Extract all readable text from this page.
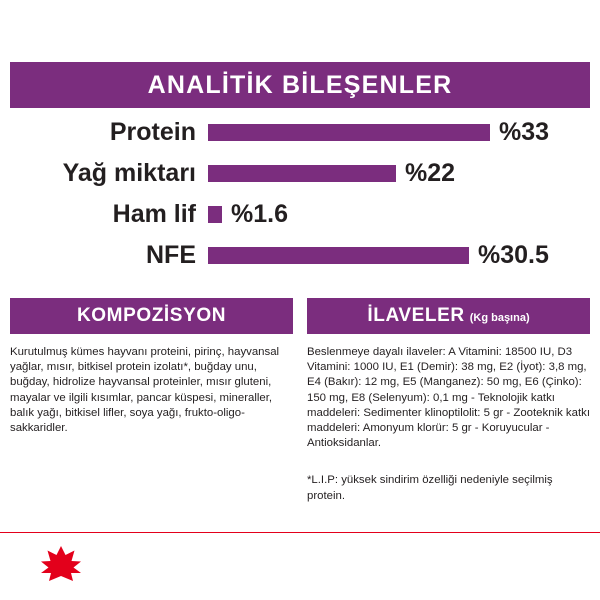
ANALİTİK BİLEŞENLER
Protein	%33
Yağ miktarı	%22
Ham lif	%1.6
NFE	%30.5
KOMPOZİSYON
Kurutulmuş kümes hayvanı proteini, pirinç, hayvansal yağlar, mısır, bitkisel protein izolatı*, buğday unu, buğday, hidrolize hayvansal proteinler, mısır gluteni, mayalar ve ilgili kısımlar, pancar küspesi, mineraller, balık yağı, bitkisel lifler, soya yağı, frukto-oligo-sakkaridler.
İLAVELER (Kg başına)
Beslenmeye dayalı ilaveler: A Vitamini: 18500 IU, D3 Vitamini: 1000 IU, E1 (Demir): 38 mg, E2 (İyot): 3,8 mg, E4 (Bakır): 12 mg, E5 (Manganez): 50 mg, E6 (Çinko): 150 mg, E8 (Selenyum): 0,1 mg - Teknolojik katkı maddeleri: Sedimenter klinoptilolit: 5 gr - Zooteknik katkı maddeleri: Amonyum klorür: 5 gr - Koruyucular - Antioksidanlar.
*L.I.P: yüksek sindirim özelliği nedeniyle seçilmiş protein.
